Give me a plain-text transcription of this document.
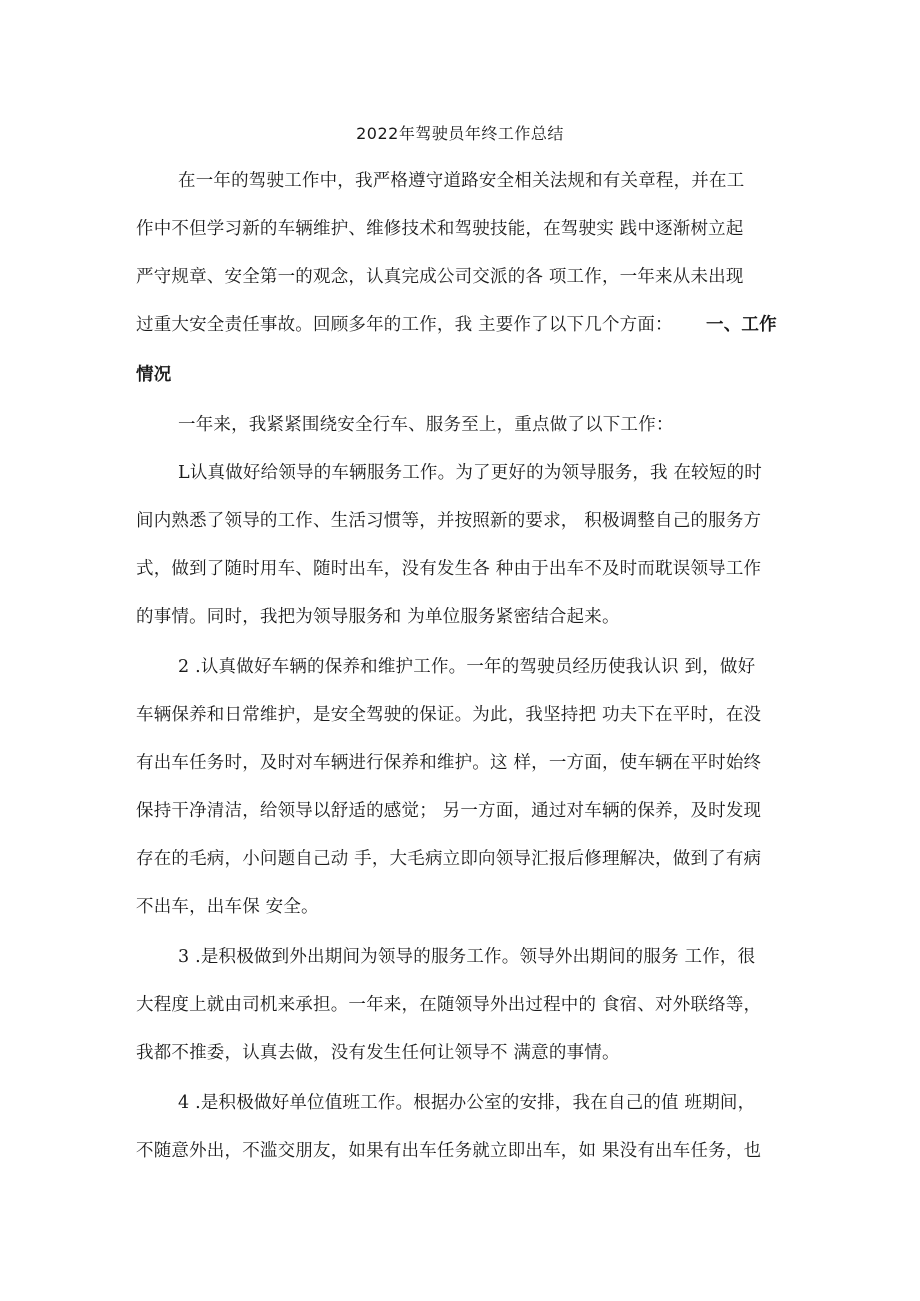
2022年驾驶员年终工作总结
在一年的驾驶工作中，我严格遵守道路安全相关法规和有关章程，并在工
作中不但学习新的车辆维护、维修技术和驾驶技能，在驾驶实 践中逐渐树立起
严守规章、安全第一的观念，认真完成公司交派的各 项工作，一年来从未出现
过重大安全责任事故。回顾多年的工作，我 主要作了以下几个方面： 一、工作
情况
一年来，我紧紧围绕安全行车、服务至上，重点做了以下工作：
L认真做好给领导的车辆服务工作。为了更好的为领导服务，我 在较短的时
间内熟悉了领导的工作、生活习惯等，并按照新的要求， 积极调整自己的服务方
式，做到了随时用车、随时出车，没有发生各 种由于出车不及时而耽误领导工作
的事情。同时，我把为领导服务和 为单位服务紧密结合起来。
2 .认真做好车辆的保养和维护工作。一年的驾驶员经历使我认识 到，做好
车辆保养和日常维护，是安全驾驶的保证。为此，我坚持把 功夫下在平时，在没
有出车任务时，及时对车辆进行保养和维护。这 样，一方面，使车辆在平时始终
保持干净清洁，给领导以舒适的感觉； 另一方面，通过对车辆的保养，及时发现
存在的毛病，小问题自己动 手，大毛病立即向领导汇报后修理解决，做到了有病
不出车，出车保 安全。
3 .是积极做到外出期间为领导的服务工作。领导外出期间的服务 工作，很
大程度上就由司机来承担。一年来，在随领导外出过程中的 食宿、对外联络等，
我都不推委，认真去做，没有发生任何让领导不 满意的事情。
4 .是积极做好单位值班工作。根据办公室的安排，我在自己的值 班期间，
不随意外出，不滥交朋友，如果有出车任务就立即出车，如 果没有出车任务，也
